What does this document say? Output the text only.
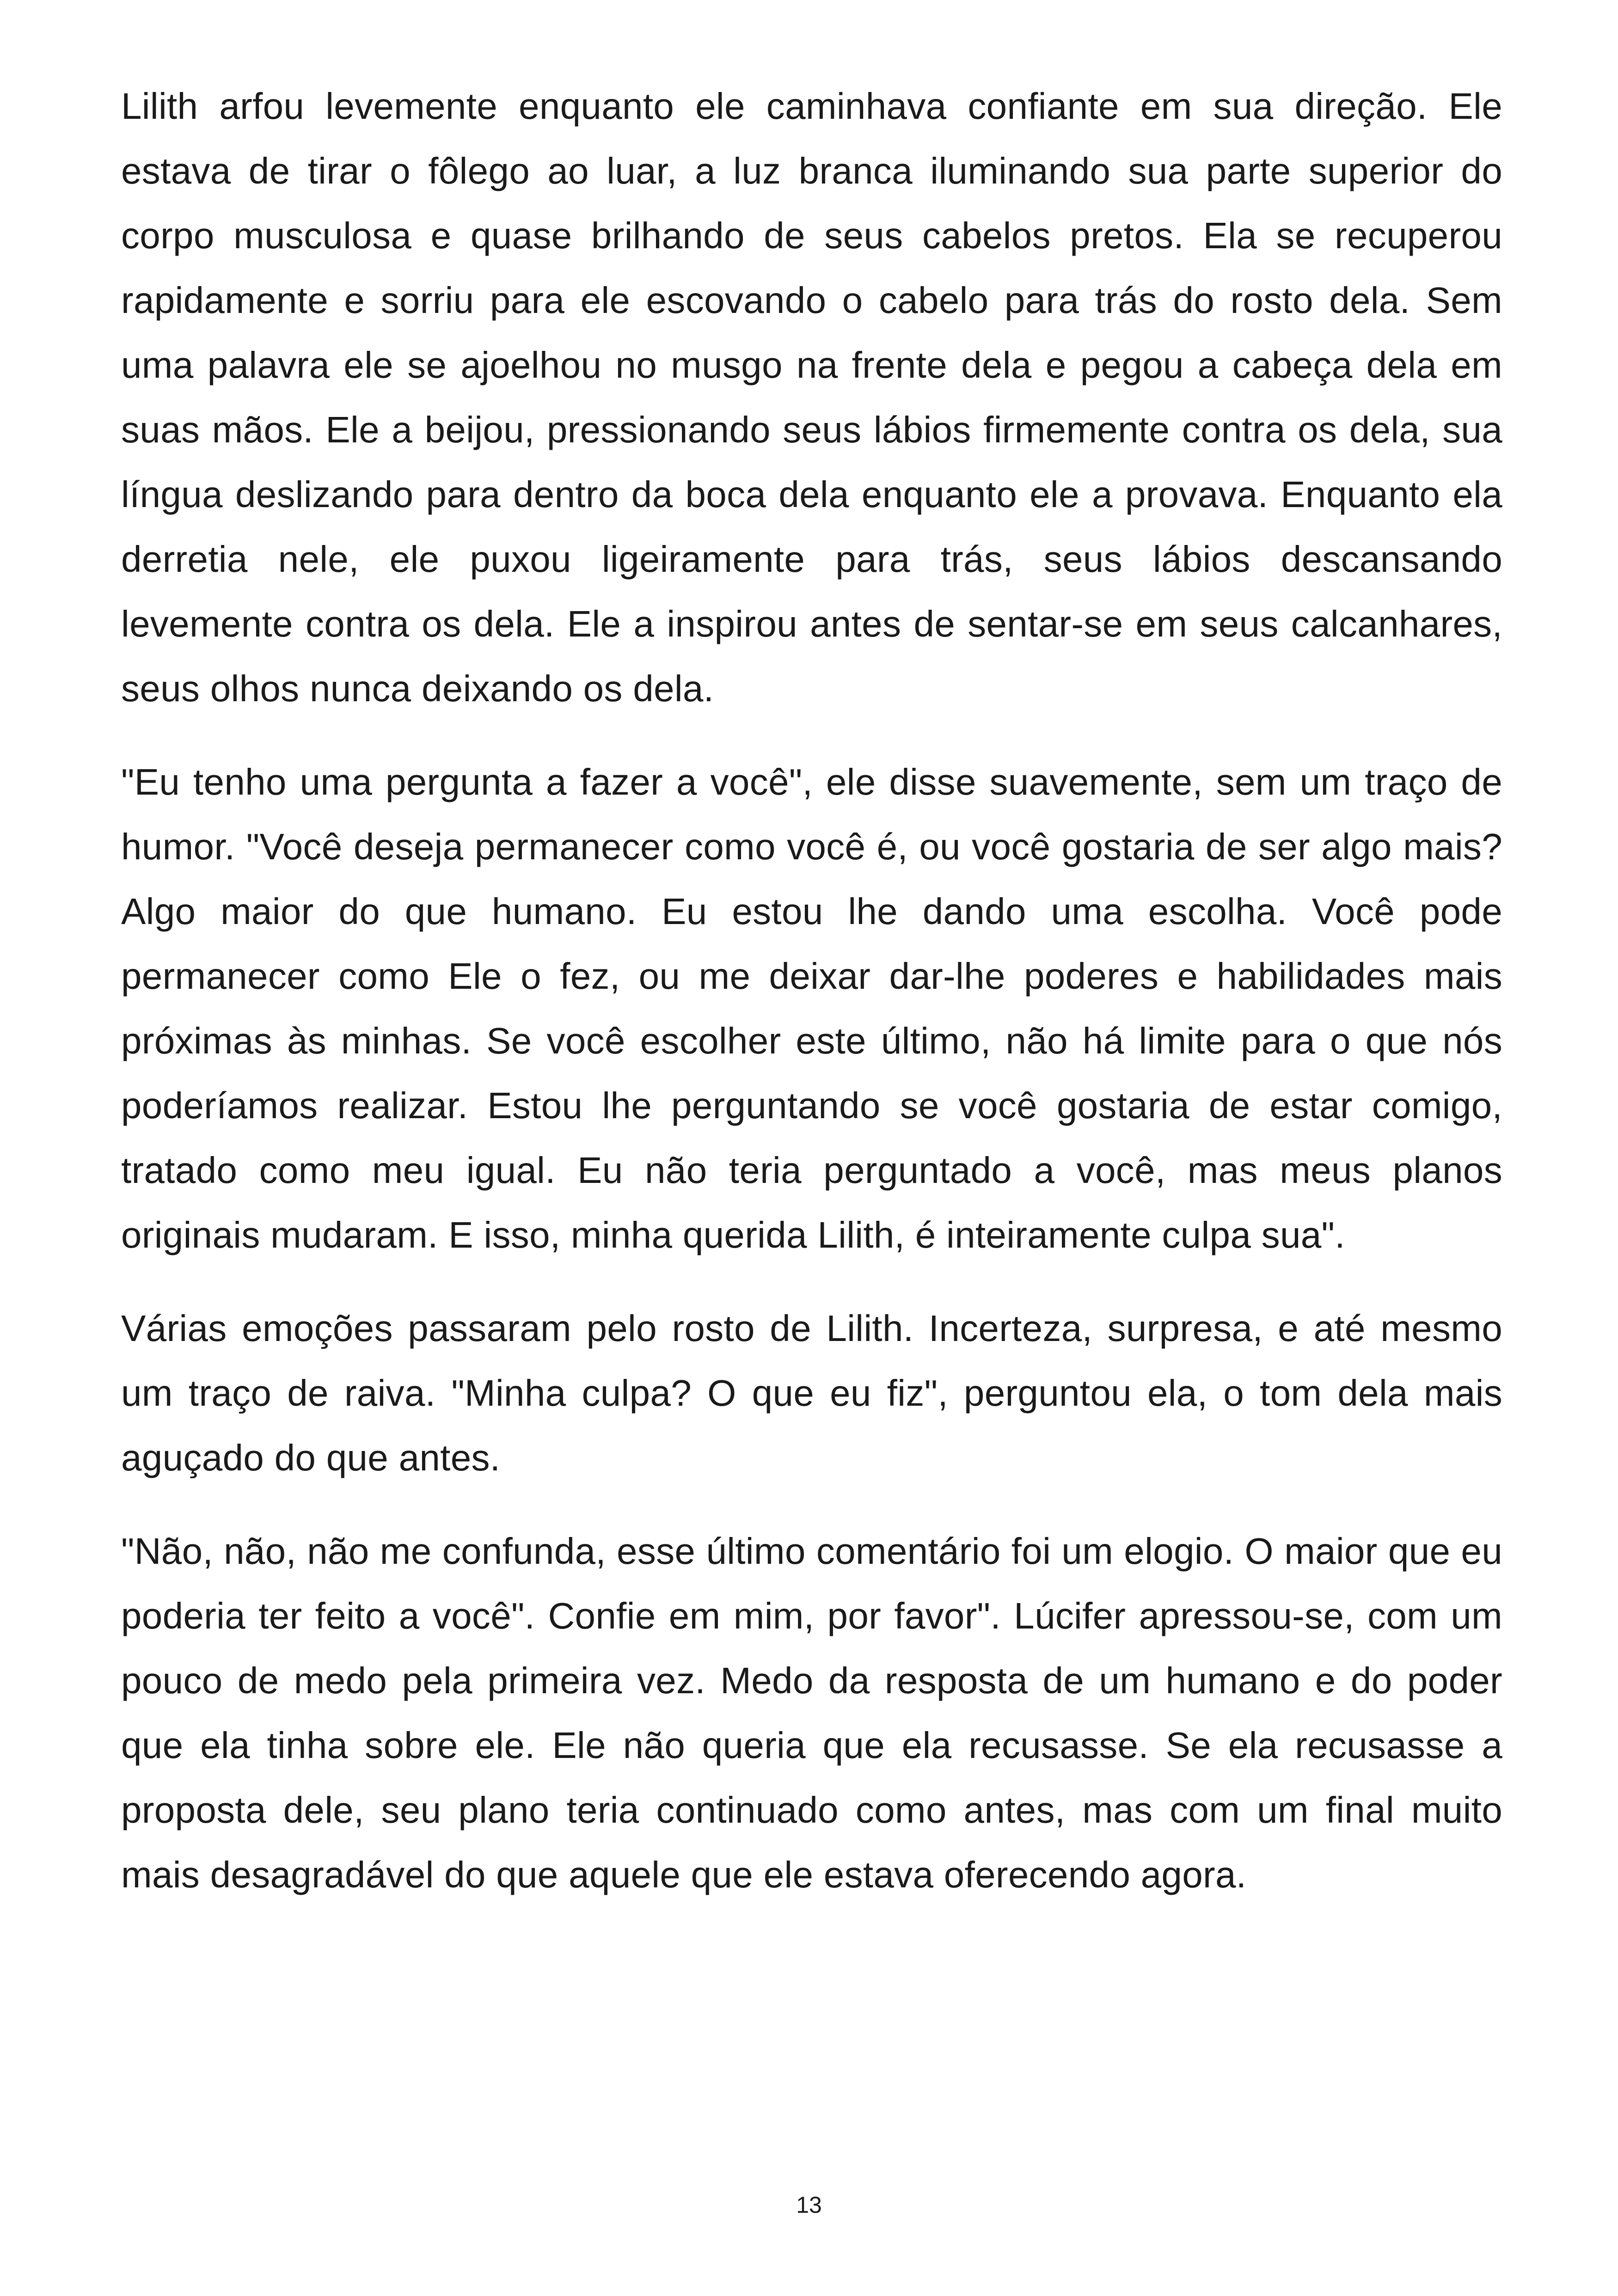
Lilith arfou levemente enquanto ele caminhava confiante em sua direção. Ele estava de tirar o fôlego ao luar, a luz branca iluminando sua parte superior do corpo musculosa e quase brilhando de seus cabelos pretos. Ela se recuperou rapidamente e sorriu para ele escovando o cabelo para trás do rosto dela. Sem uma palavra ele se ajoelhou no musgo na frente dela e pegou a cabeça dela em suas mãos. Ele a beijou, pressionando seus lábios firmemente contra os dela, sua língua deslizando para dentro da boca dela enquanto ele a provava. Enquanto ela derretia nele, ele puxou ligeiramente para trás, seus lábios descansando levemente contra os dela. Ele a inspirou antes de sentar-se em seus calcanhares, seus olhos nunca deixando os dela.

"Eu tenho uma pergunta a fazer a você", ele disse suavemente, sem um traço de humor. "Você deseja permanecer como você é, ou você gostaria de ser algo mais? Algo maior do que humano. Eu estou lhe dando uma escolha. Você pode permanecer como Ele o fez, ou me deixar dar-lhe poderes e habilidades mais próximas às minhas. Se você escolher este último, não há limite para o que nós poderíamos realizar. Estou lhe perguntando se você gostaria de estar comigo, tratado como meu igual. Eu não teria perguntado a você, mas meus planos originais mudaram. E isso, minha querida Lilith, é inteiramente culpa sua".

Várias emoções passaram pelo rosto de Lilith. Incerteza, surpresa, e até mesmo um traço de raiva. "Minha culpa? O que eu fiz", perguntou ela, o tom dela mais aguçado do que antes.

"Não, não, não me confunda, esse último comentário foi um elogio. O maior que eu poderia ter feito a você". Confie em mim, por favor". Lúcifer apressou-se, com um pouco de medo pela primeira vez. Medo da resposta de um humano e do poder que ela tinha sobre ele. Ele não queria que ela recusasse. Se ela recusasse a proposta dele, seu plano teria continuado como antes, mas com um final muito mais desagradável do que aquele que ele estava oferecendo agora.

13
